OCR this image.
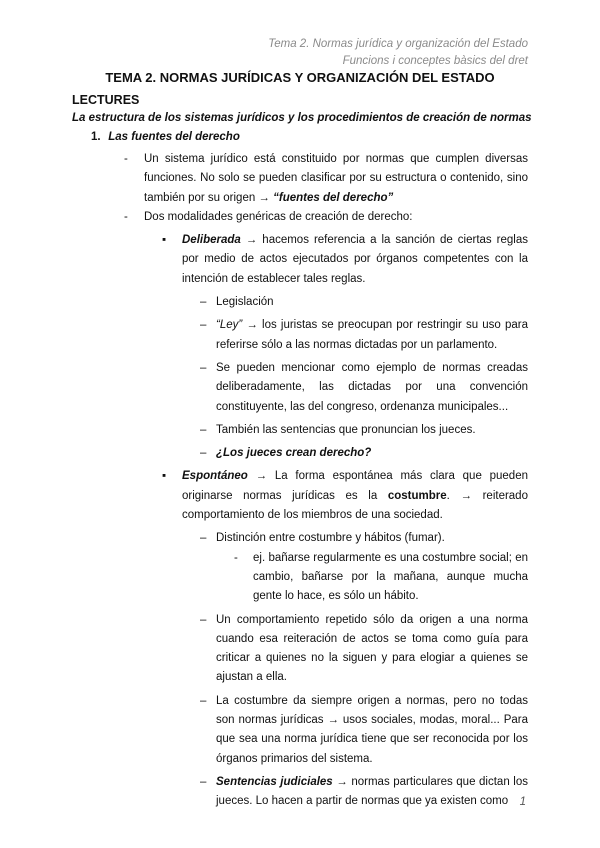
Tema 2. Normas jurídica y organización del Estado
Funcions i conceptes bàsics del dret
TEMA 2. NORMAS JURÍDICAS Y ORGANIZACIÓN DEL ESTADO
LECTURES
La estructura de los sistemas jurídicos y los procedimientos de creación de normas
1. Las fuentes del derecho
- Un sistema jurídico está constituido por normas que cumplen diversas funciones. No solo se pueden clasificar por su estructura o contenido, sino también por su origen → “fuentes del derecho”

- Dos modalidades genéricas de creación de derecho:

▪ Deliberada → hacemos referencia a la sanción de ciertas reglas por medio de actos ejecutados por órganos competentes con la intención de establecer tales reglas.

– Legislación

– “Ley” → los juristas se preocupan por restringir su uso para referirse sólo a las normas dictadas por un parlamento.

– Se pueden mencionar como ejemplo de normas creadas deliberadamente, las dictadas por una convención constituyente, las del congreso, ordenanza municipales...

– También las sentencias que pronuncian los jueces.

– ¿Los jueces crean derecho?

▪ Espontáneo → La forma espontánea más clara que pueden originarse normas jurídicas es la costumbre. → reiterado comportamiento de los miembros de una sociedad.

– Distinción entre costumbre y hábitos (fumar).

- ej. bañarse regularmente es una costumbre social; en cambio, bañarse por la mañana, aunque mucha gente lo hace, es sólo un hábito.

– Un comportamiento repetido sólo da origen a una norma cuando esa reiteración de actos se toma como guía para criticar a quienes no la siguen y para elogiar a quienes se ajustan a ella.

– La costumbre da siempre origen a normas, pero no todas son normas jurídicas → usos sociales, modas, moral... Para que sea una norma jurídica tiene que ser reconocida por los órganos primarios del sistema.

– Sentencias judiciales → normas particulares que dictan los jueces. Lo hacen a partir de normas que ya existen como 1
